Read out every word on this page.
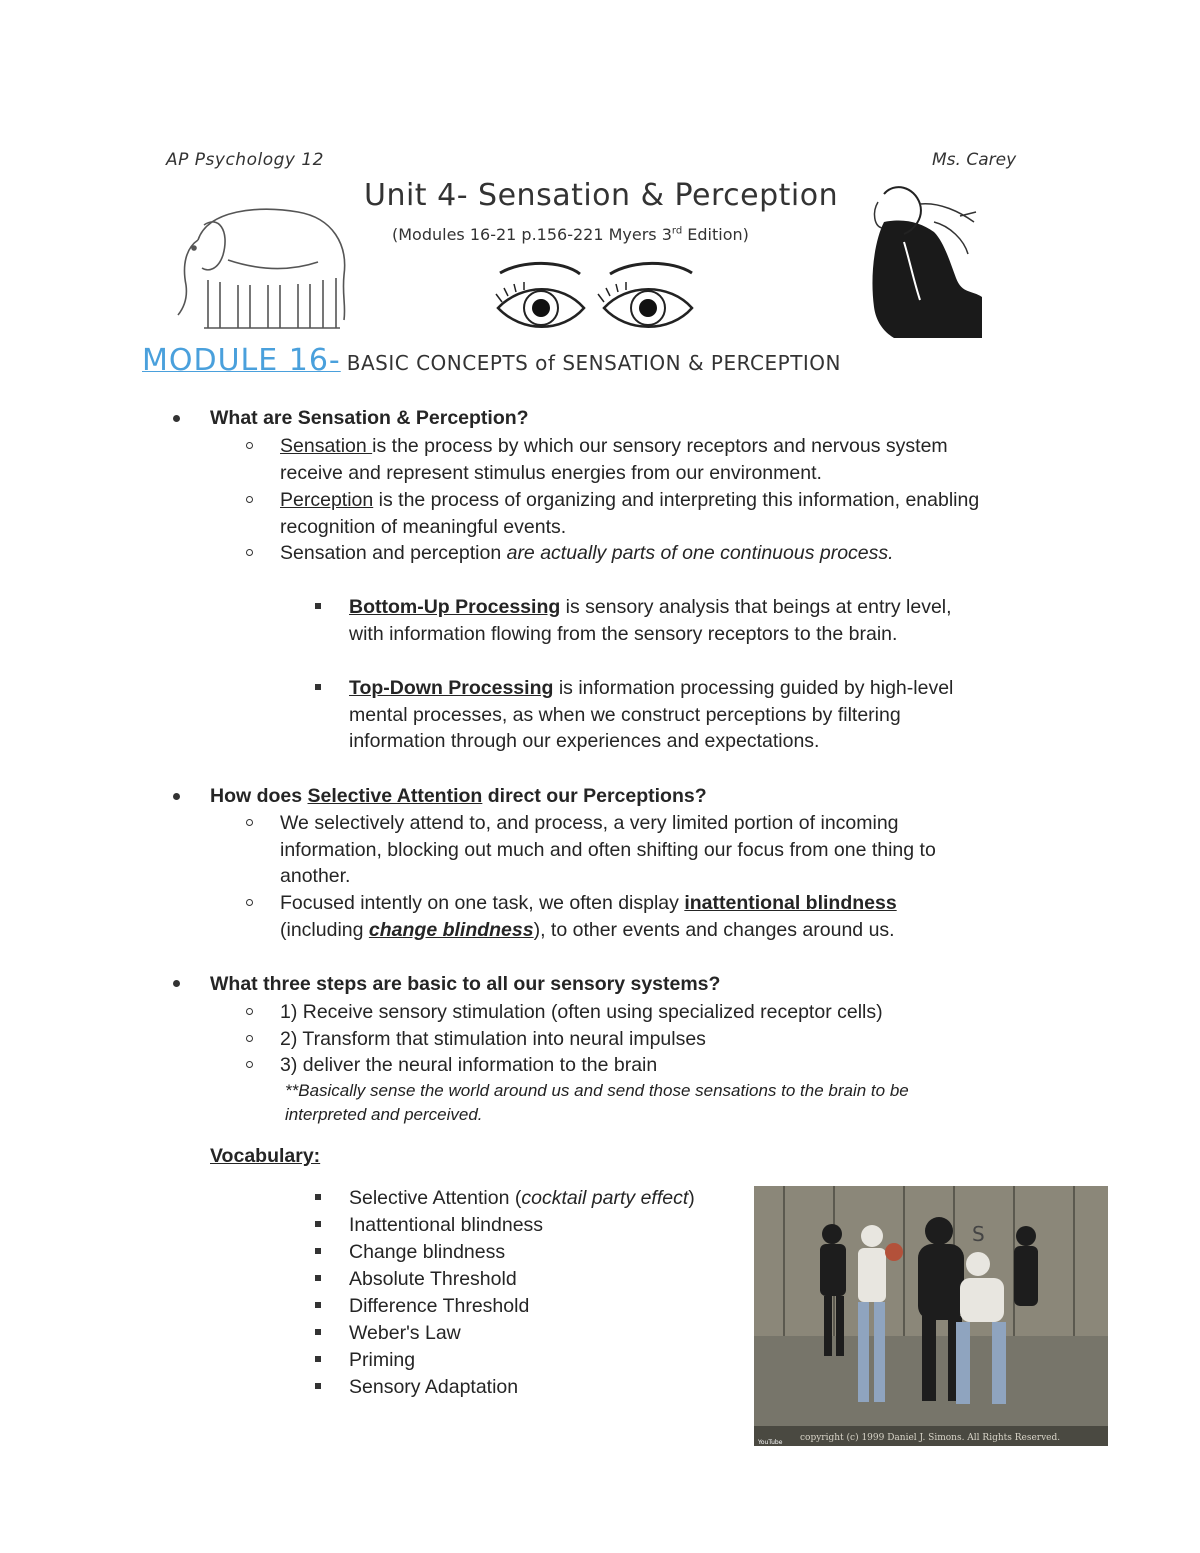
AP Psychology 12	Ms. Carey
Unit 4- Sensation & Perception
(Modules 16-21 p.156-221 Myers 3rd Edition)
MODULE 16- BASIC CONCEPTS of SENSATION & PERCEPTION
What are Sensation & Perception?
Sensation is the process by which our sensory receptors and nervous system
receive and represent stimulus energies from our environment.
Perception is the process of organizing and interpreting this information, enabling
recognition of meaningful events.
Sensation and perception are actually parts of one continuous process.
Bottom-Up Processing is sensory analysis that beings at entry level,
with information flowing from the sensory receptors to the brain.
Top-Down Processing is information processing guided by high-level
mental processes, as when we construct perceptions by filtering
information through our experiences and expectations.
How does Selective Attention direct our Perceptions?
We selectively attend to, and process, a very limited portion of incoming
information, blocking out much and often shifting our focus from one thing to
another.
Focused intently on one task, we often display inattentional blindness
(including change blindness), to other events and changes around us.
What three steps are basic to all our sensory systems?
1) Receive sensory stimulation (often using specialized receptor cells)
2) Transform that stimulation into neural impulses
3) deliver the neural information to the brain
**Basically sense the world around us and send those sensations to the brain to be
interpreted and perceived.
Vocabulary:
Selective Attention (cocktail party effect)
Inattentional blindness
Change blindness
Absolute Threshold
Difference Threshold
Weber's Law
Priming
Sensory Adaptation
S
copyright (c) 1999 Daniel J. Simons. All Rights Reserved.
YouTube
